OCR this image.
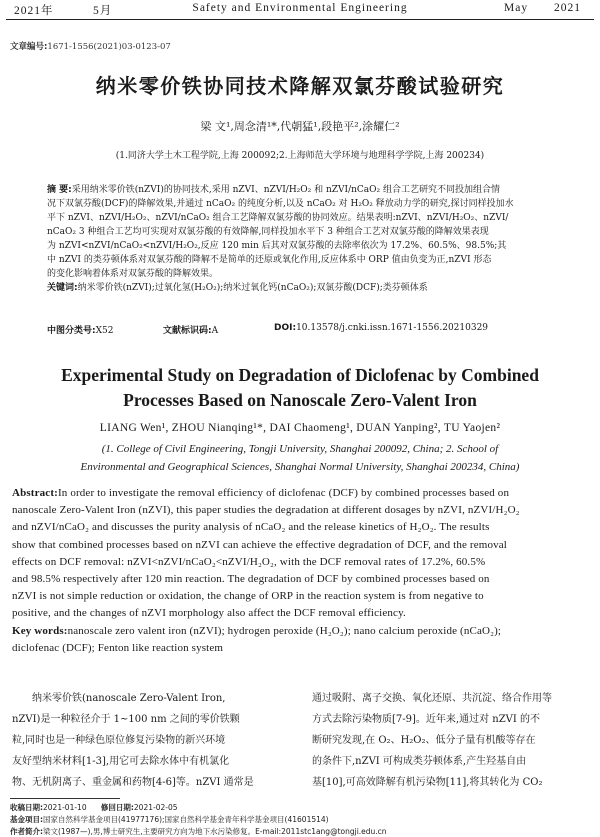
2021年	5月	Safety and Environmental Engineering	May 2021
文章编号:1671-1556(2021)03-0123-07
纳米零价铁协同技术降解双氯芬酸试验研究
梁 文¹,周念清¹*,代朝猛¹,段艳平²,涂耀仁²
(1.同济大学土木工程学院,上海 200092;2.上海师范大学环境与地理科学学院,上海 200234)
摘 要:采用纳米零价铁(nZVI)的协同技术,采用 nZVI、nZVI/H₂O₂ 和 nZVI/nCaO₂ 组合工艺研究不同投加组合情
况下双氯芬酸(DCF)的降解效果,并通过 nCaO₂ 的纯度分析,以及 nCaO₂ 对 H₂O₂ 释放动力学的研究,探讨同样投加水
平下 nZVI、nZVI/H₂O₂、nZVI/nCaO₂ 组合工艺降解双氯芬酸的协同效应。结果表明:nZVI、nZVI/H₂O₂、nZVI/
nCaO₂ 3 种组合工艺均可实现对双氯芬酸的有效降解,同样投加水平下 3 种组合工艺对双氯芬酸的降解效果表现
为 nZVI<nZVI/nCaO₂<nZVI/H₂O₂,反应 120 min 后其对双氯芬酸的去除率依次为 17.2%、60.5%、98.5%;其
中 nZVI 的类芬顿体系对双氯芬酸的降解不是简单的还原或氧化作用,反应体系中 ORP 值由负变为正,nZVI 形态
的变化影响着体系对双氯芬酸的降解效果。
关键词:纳米零价铁(nZVI);过氧化氢(H₂O₂);纳米过氧化钙(nCaO₂);双氯芬酸(DCF);类芬顿体系
中图分类号:X52	文献标识码:A	DOI:10.13578/j.cnki.issn.1671-1556.20210329
Experimental Study on Degradation of Diclofenac by Combined
Processes Based on Nanoscale Zero-Valent Iron
LIANG Wen¹, ZHOU Nianqing¹*, DAI Chaomeng¹, DUAN Yanping², TU Yaojen²
(1. College of Civil Engineering, Tongji University, Shanghai 200092, China; 2. School of
Environmental and Geographical Sciences, Shanghai Normal University, Shanghai 200234, China)
Abstract:In order to investigate the removal efficiency of diclofenac (DCF) by combined processes based on
nanoscale Zero-Valent Iron (nZVI), this paper studies the degradation at different dosages by nZVI, nZVI/H₂O₂
and nZVI/nCaO₂ and discusses the purity analysis of nCaO₂ and the release kinetics of H₂O₂. The results
show that combined processes based on nZVI can achieve the effective degradation of DCF, and the removal
effects on DCF removal: nZVI<nZVI/nCaO₂<nZVI/H₂O₂, with the DCF removal rates of 17.2%, 60.5%
and 98.5% respectively after 120 min reaction. The degradation of DCF by combined processes based on
nZVI is not simple reduction or oxidation, the change of ORP in the reaction system is from negative to
positive, and the changes of nZVI morphology also affect the DCF removal efficiency.
Key words:nanoscale zero valent iron (nZVI); hydrogen peroxide (H₂O₂); nano calcium peroxide (nCaO₂);
diclofenac (DCF); Fenton like reaction system
纳米零价铁(nanoscale Zero-Valent Iron,
nZVI)是一种粒径介于 1~100 nm 之间的零价铁颗
粒,同时也是一种绿色原位修复污染物的新兴环境
友好型纳米材料[1-3],用它可去除水体中有机氯化
物、无机阴离子、重金属和药物[4-6]等。nZVI 通常是
通过吸附、离子交换、氧化还原、共沉淀、络合作用等
方式去除污染物质[7-9]。近年来,通过对 nZVI 的不
断研究发现,在 O₂、H₂O₂、低分子量有机酸等存在
的条件下,nZVI 可构成类芬顿体系,产生羟基自由
基[10],可高效降解有机污染物[11],将其转化为 CO₂
收稿日期:2021-01-10 修回日期:2021-02-05
基金项目:国家自然科学基金项目(41977176);国家自然科学基金青年科学基金项目(41601514)
作者简介:梁文(1987—),男,博士研究生,主要研究方向为地下水污染修复。E-mail:2011stc1ang@tongji.edu.cn
